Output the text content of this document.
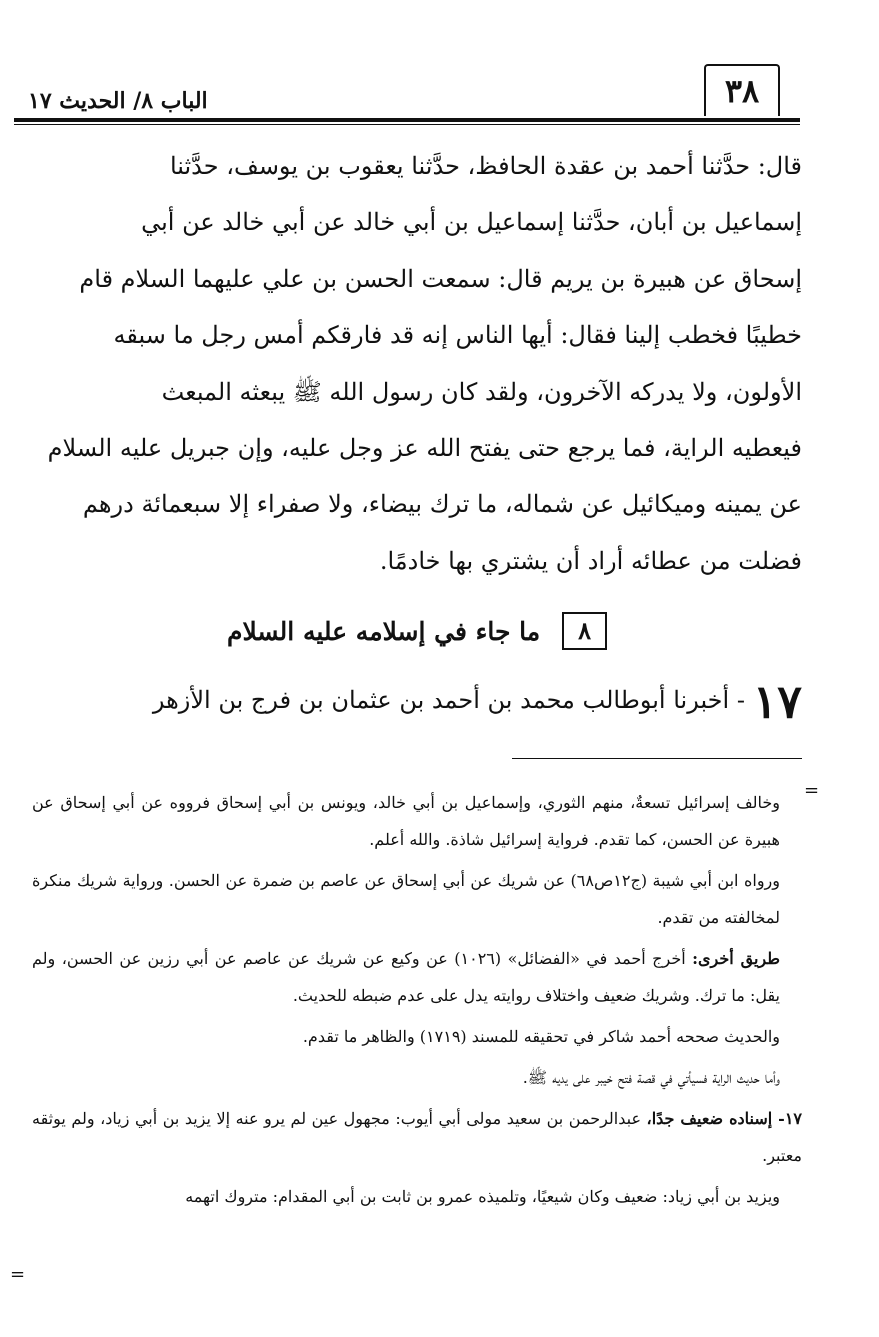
٣٨
الباب ٨/ الحديث ١٧

قال: حدَّثنا أحمد بن عقدة الحافظ، حدَّثنا يعقوب بن يوسف، حدَّثنا

إسماعيل بن أبان، حدَّثنا إسماعيل بن أبي خالد عن أبي خالد عن أبي

إسحاق عن هبيرة بن يريم قال: سمعت الحسن بن علي عليهما السلام قام

خطيبًا فخطب إلينا فقال: أيها الناس إنه قد فارقكم أمس رجل ما سبقه

الأولون، ولا يدركه الآخرون، ولقد كان رسول الله ﷺ يبعثه المبعث

فيعطيه الراية، فما يرجع حتى يفتح الله عز وجل عليه، وإن جبريل عليه السلام

عن يمينه وميكائيل عن شماله، ما ترك بيضاء، ولا صفراء إلا سبعمائة درهم

فضلت من عطائه أراد أن يشتري بها خادمًا.

٨
ما جاء في إسلامه عليه السلام
١٧ - أخبرنا أبوطالب محمد بن أحمد بن عثمان بن فرج بن الأزهر
=

وخالف إسرائيل تسعةٌ، منهم الثوري، وإسماعيل بن أبي خالد، ويونس بن أبي إسحاق فرووه عن أبي إسحاق عن هبيرة عن الحسن، كما تقدم. فرواية إسرائيل شاذة. والله أعلم.

ورواه ابن أبي شيبة (ج١٢ص٦٨) عن شريك عن أبي إسحاق عن عاصم بن ضمرة عن الحسن. ورواية شريك منكرة لمخالفته من تقدم.

طريق أخرى: أخرج أحمد في «الفضائل» (١٠٢٦) عن وكيع عن شريك عن عاصم عن أبي رزين عن الحسن، ولم يقل: ما ترك. وشريك ضعيف واختلاف روايته يدل على عدم ضبطه للحديث.

والحديث صححه أحمد شاكر في تحقيقه للمسند (١٧١٩) والظاهر ما تقدم.

وأما حديث الراية فسيأتي في قصة فتح خيبر على يديه ﷺ.

١٧- إسناده ضعيف جدًا، عبدالرحمن بن سعيد مولى أبي أيوب: مجهول عين لم يرو عنه إلا يزيد بن أبي زياد، ولم يوثقه معتبر.

ويزيد بن أبي زياد: ضعيف وكان شيعيًا، وتلميذه عمرو بن ثابت بن أبي المقدام: متروك اتهمه

=
